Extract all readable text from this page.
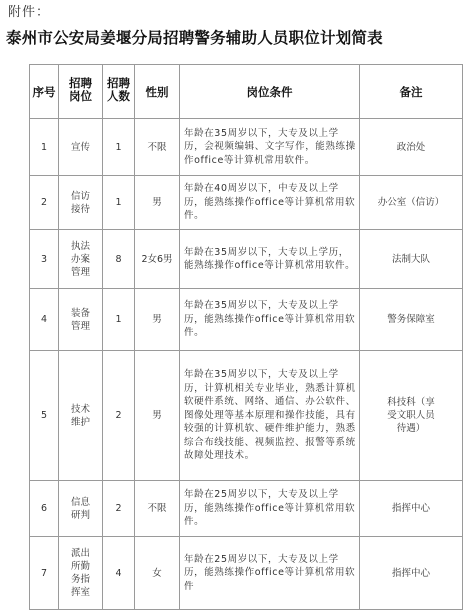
附件：
泰州市公安局姜堰分局招聘警务辅助人员职位计划简表
序号	招聘岗位	招聘人数	性别	岗位条件	备注
1	宣传	1	不限	年龄在35周岁以下，大专及以上学历，会视频编辑、文字写作，能熟练操作office等计算机常用软件。	政治处
2	信访接待	1	男	年龄在40周岁以下，中专及以上学历，能熟练操作office等计算机常用软件。	办公室（信访）
3	执法办案管理	8	2女6男	年龄在35周岁以下，大专以上学历，能熟练操作office等计算机常用软件。	法制大队
4	装备管理	1	男	年龄在35周岁以下，大专及以上学历，能熟练操作office等计算机常用软件。	警务保障室
5	技术维护	2	男	年龄在35周岁以下，大专及以上学历，计算机相关专业毕业，熟悉计算机软硬件系统、网络、通信、办公软件、图像处理等基本原理和操作技能，具有较强的计算机软、硬件维护能力，熟悉综合布线技能、视频监控、报警等系统故障处理技术。	科技科（享受文职人员待遇）
6	信息研判	2	不限	年龄在25周岁以下，大专及以上学历，能熟练操作office等计算机常用软件。	指挥中心
7	派出所勤务指挥室	4	女	年龄在25周岁以下，大专及以上学历，能熟练操作office等计算机常用软件	指挥中心
